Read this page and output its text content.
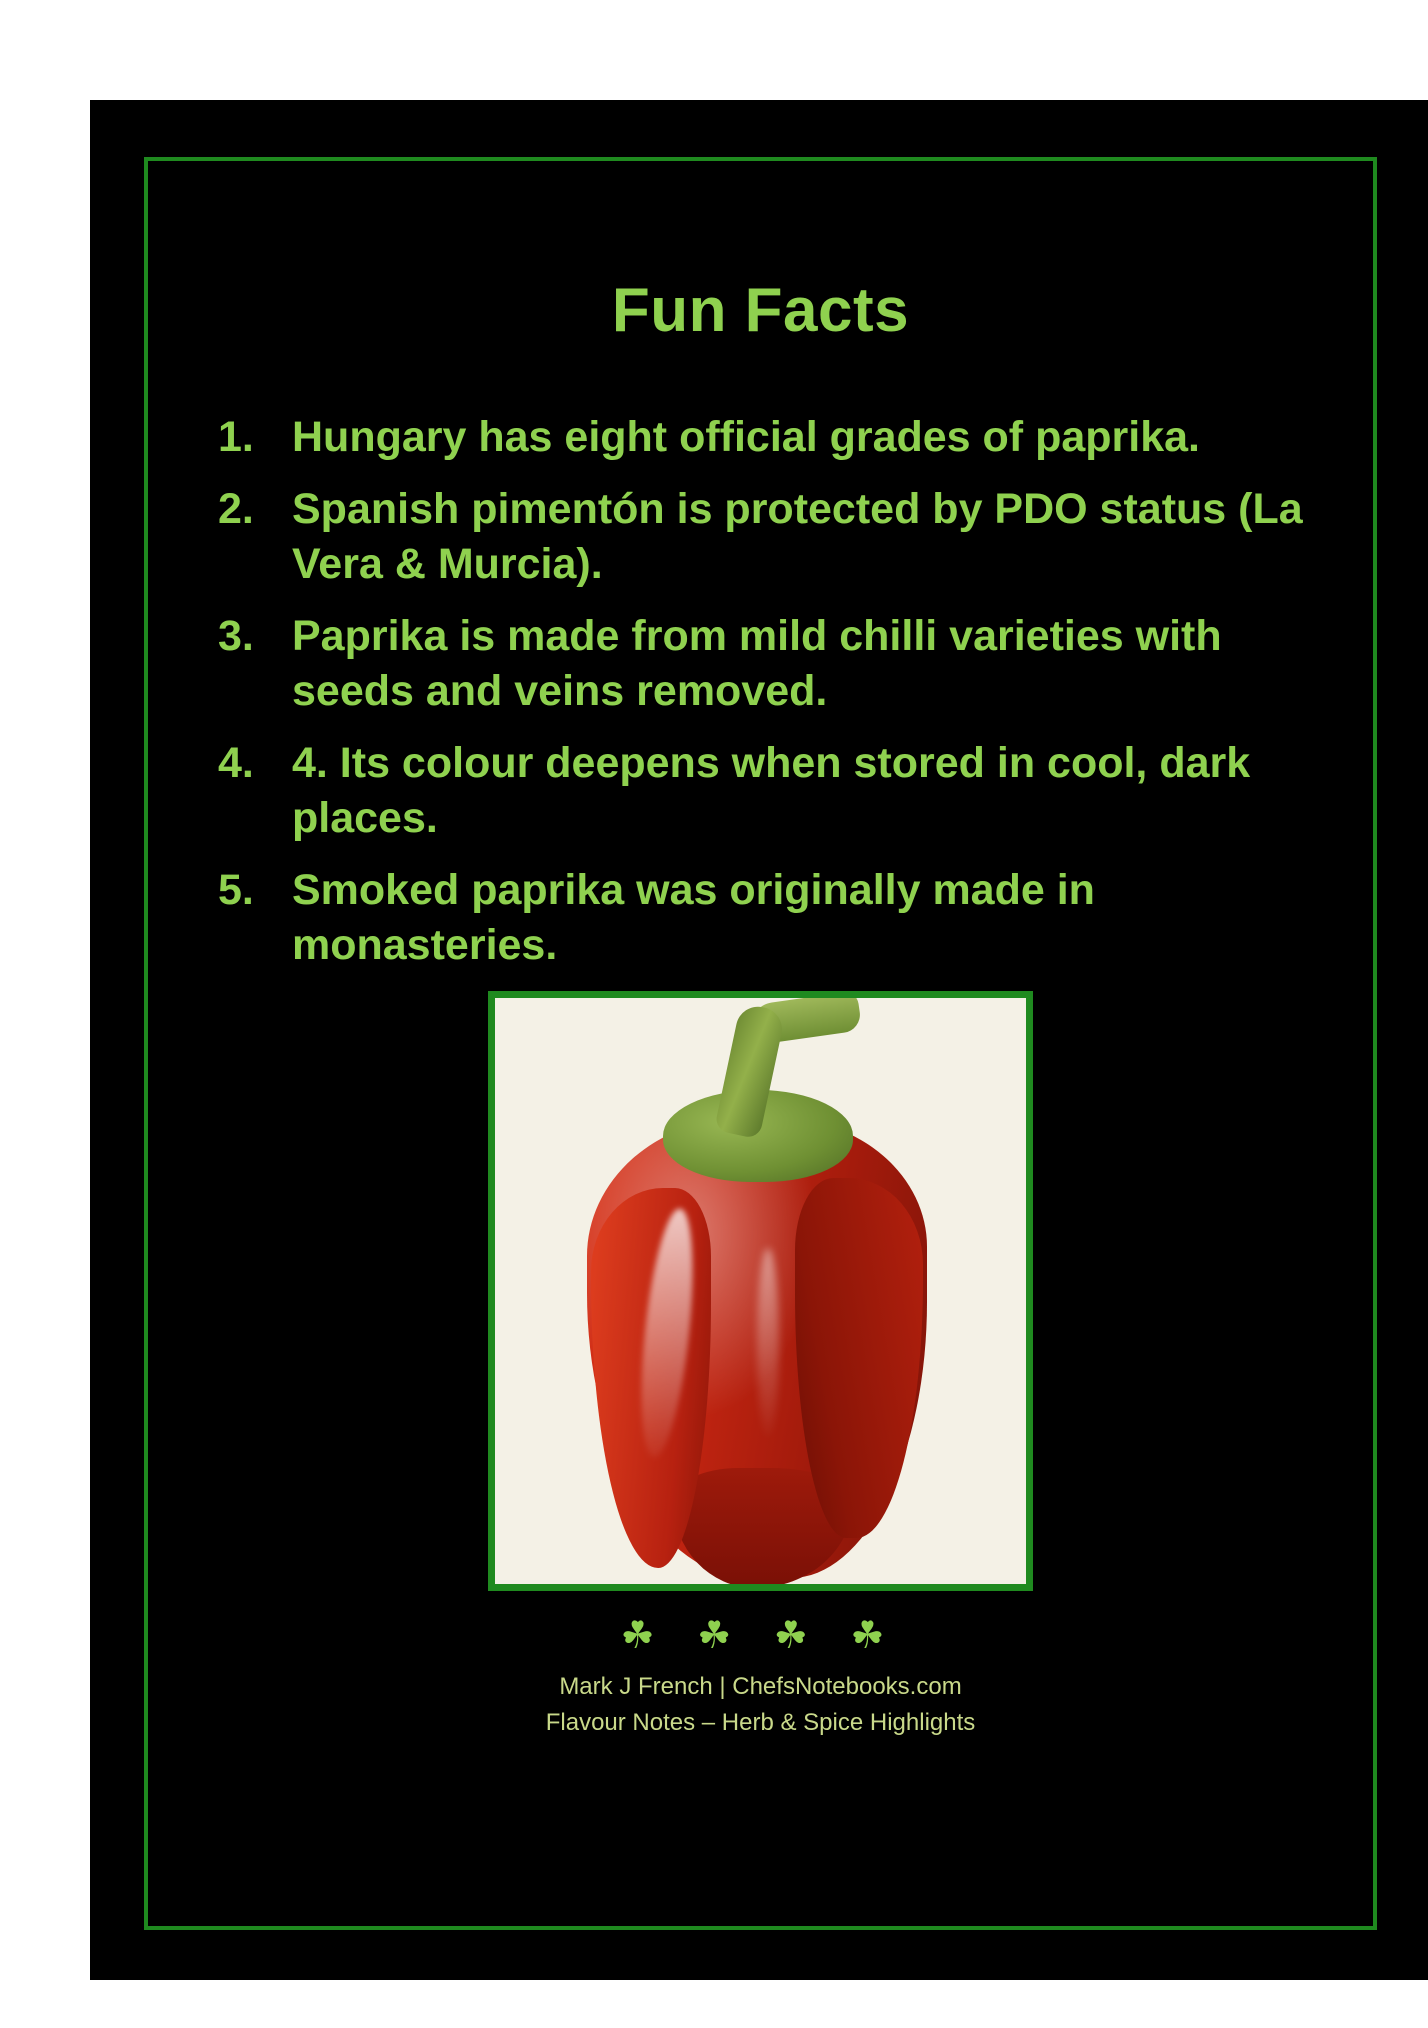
Fun Facts
Hungary has eight official grades of paprika.
Spanish pimentón is protected by PDO status (La Vera & Murcia).
Paprika is made from mild chilli varieties with seeds and veins removed.
4. Its colour deepens when stored in cool, dark places.
Smoked paprika was originally made in monasteries.
☘ ☘ ☘ ☘
Mark J French | ChefsNotebooks.com
Flavour Notes – Herb & Spice Highlights
